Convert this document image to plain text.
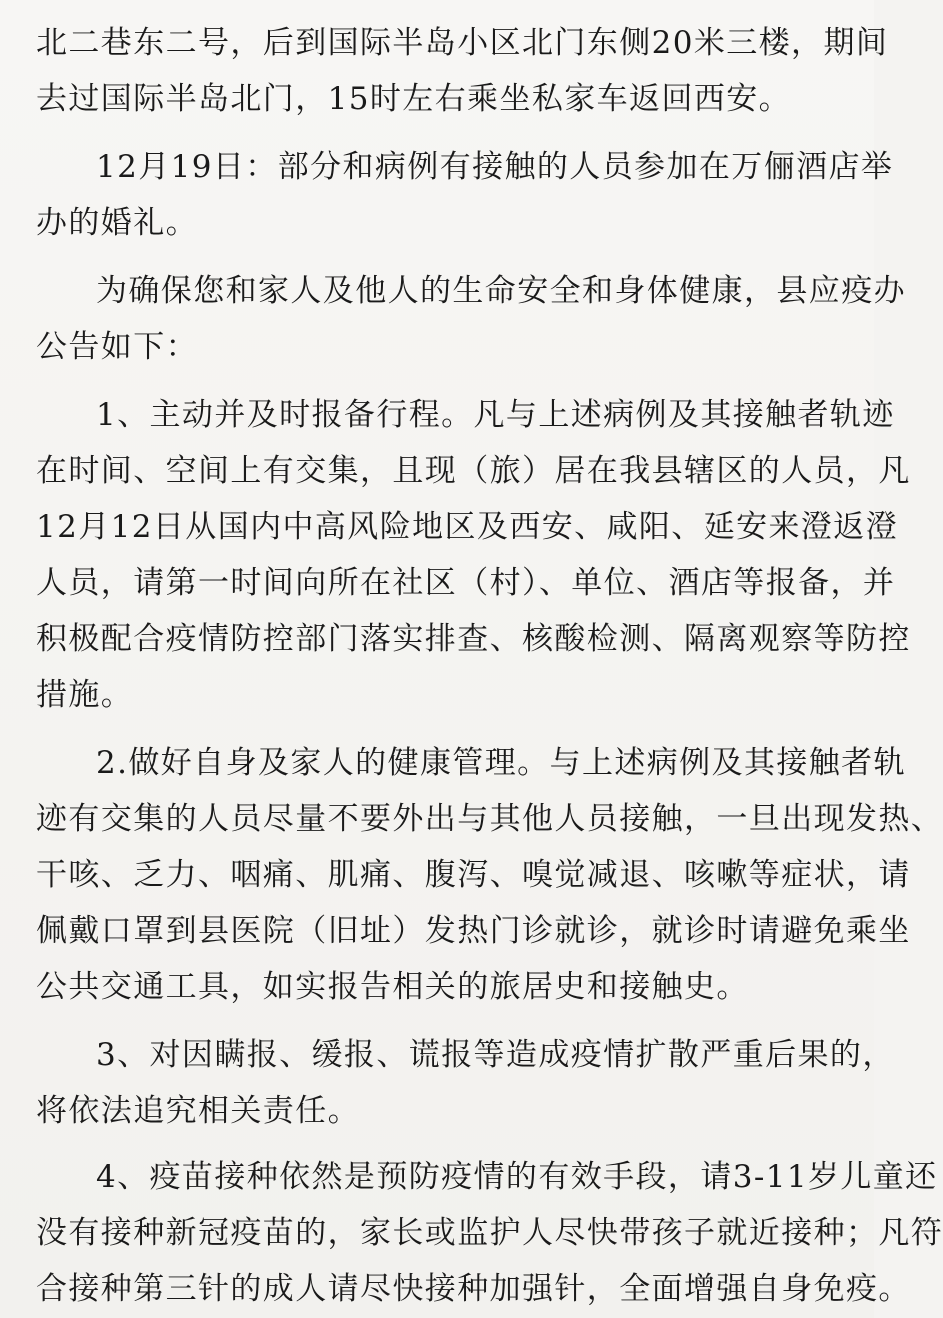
北二巷东二号，后到国际半岛小区北门东侧20米三楼，期间
去过国际半岛北门，15时左右乘坐私家车返回西安。
12月19日：部分和病例有接触的人员参加在万俪酒店举
办的婚礼。
为确保您和家人及他人的生命安全和身体健康，县应疫办
公告如下：
1、主动并及时报备行程。凡与上述病例及其接触者轨迹
在时间、空间上有交集，且现（旅）居在我县辖区的人员，凡
12月12日从国内中高风险地区及西安、咸阳、延安来澄返澄
人员，请第一时间向所在社区（村）、单位、酒店等报备，并
积极配合疫情防控部门落实排查、核酸检测、隔离观察等防控
措施。
2.做好自身及家人的健康管理。与上述病例及其接触者轨
迹有交集的人员尽量不要外出与其他人员接触，一旦出现发热、
干咳、乏力、咽痛、肌痛、腹泻、嗅觉减退、咳嗽等症状，请
佩戴口罩到县医院（旧址）发热门诊就诊，就诊时请避免乘坐
公共交通工具，如实报告相关的旅居史和接触史。
3、对因瞒报、缓报、谎报等造成疫情扩散严重后果的，
将依法追究相关责任。
4、疫苗接种依然是预防疫情的有效手段，请3-11岁儿童还
没有接种新冠疫苗的，家长或监护人尽快带孩子就近接种；凡符
合接种第三针的成人请尽快接种加强针，全面增强自身免疫。
